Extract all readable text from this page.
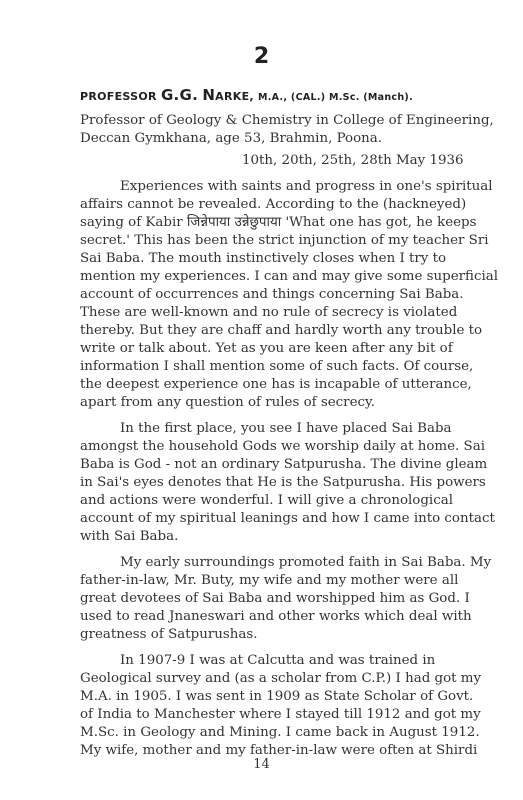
2
PROFESSOR G.G. NARKE, M.A., (CAL.) M.Sc. (Manch).
Professor of Geology & Chemistry in College of Engineering,
Deccan Gymkhana, age 53, Brahmin, Poona.
10th, 20th, 25th, 28th May 1936
Experiences with saints and progress in one's spiritual
affairs cannot be revealed. According to the (hackneyed)
saying of Kabir जिन्नेपाया उन्नेछुपाया 'What one has got, he keeps
secret.' This has been the strict injunction of my teacher Sri
Sai Baba. The mouth instinctively closes when I try to
mention my experiences. I can and may give some superficial
account of occurrences and things concerning Sai Baba.
These are well-known and no rule of secrecy is violated
thereby. But they are chaff and hardly worth any trouble to
write or talk about. Yet as you are keen after any bit of
information I shall mention some of such facts. Of course,
the deepest experience one has is incapable of utterance,
apart from any question of rules of secrecy.
In the first place, you see I have placed Sai Baba
amongst the household Gods we worship daily at home. Sai
Baba is God - not an ordinary Satpurusha. The divine gleam
in Sai's eyes denotes that He is the Satpurusha. His powers
and actions were wonderful. I will give a chronological
account of my spiritual leanings and how I came into contact
with Sai Baba.
My early surroundings promoted faith in Sai Baba. My
father-in-law, Mr. Buty, my wife and my mother were all
great devotees of Sai Baba and worshipped him as God. I
used to read Jnaneswari and other works which deal with
greatness of Satpurushas.
In 1907-9 I was at Calcutta and was trained in
Geological survey and (as a scholar from C.P.) I had got my
M.A. in 1905. I was sent in 1909 as State Scholar of Govt.
of India to Manchester where I stayed till 1912 and got my
M.Sc. in Geology and Mining. I came back in August 1912.
My wife, mother and my father-in-law were often at Shirdi
14
